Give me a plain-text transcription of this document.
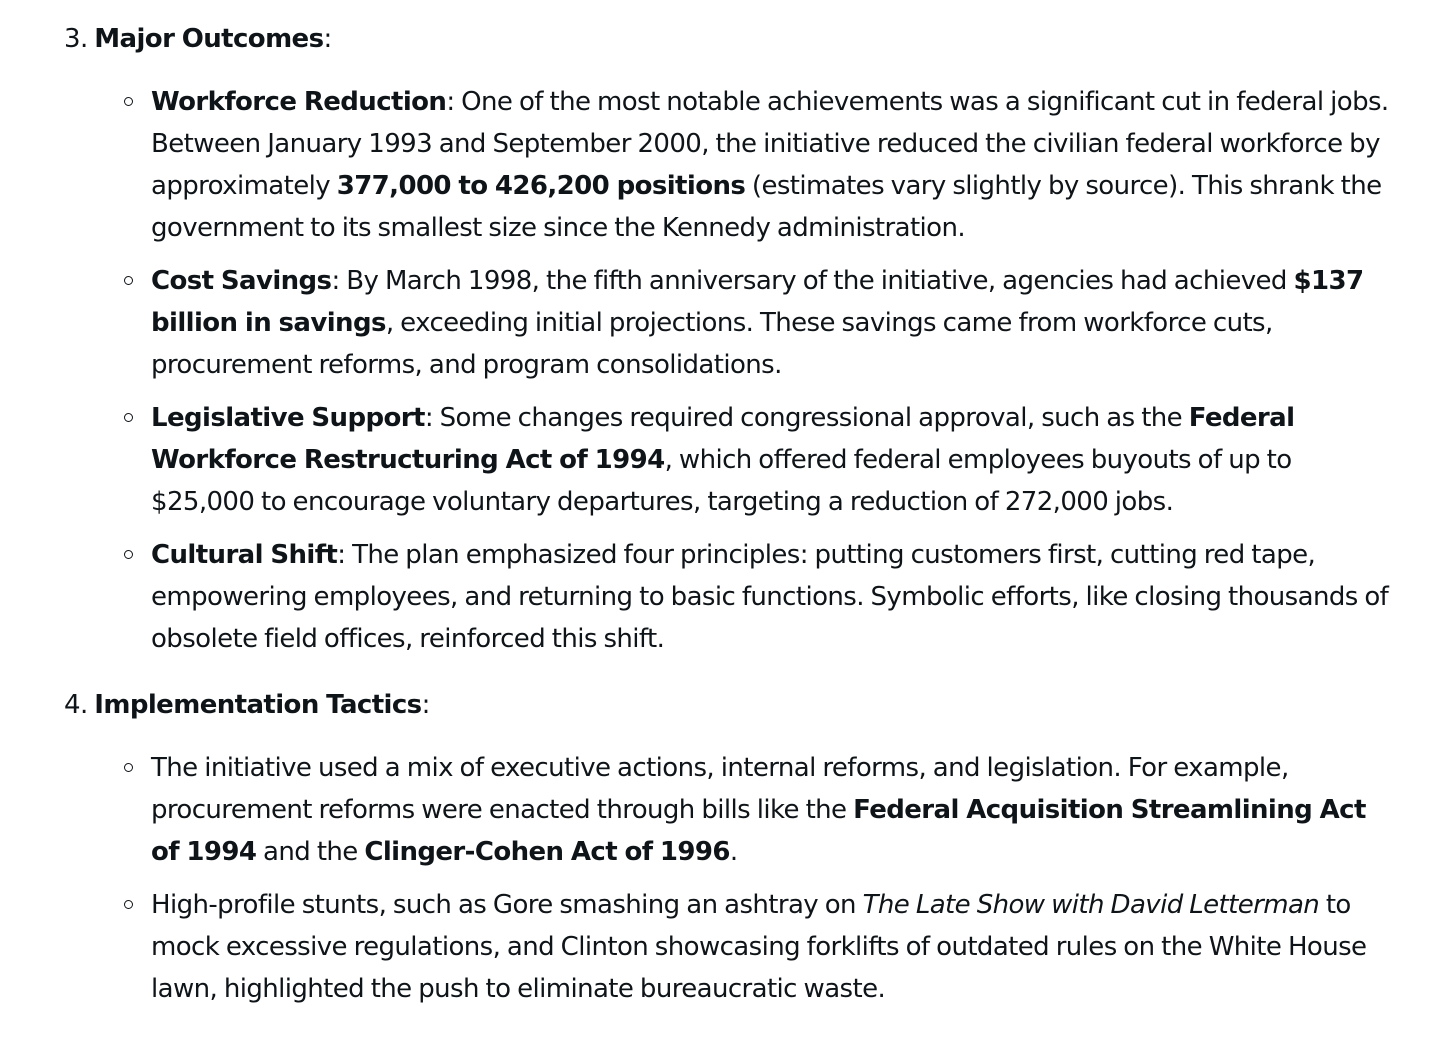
3. Major Outcomes:
Workforce Reduction: One of the most notable achievements was a significant cut in federal jobs. Between January 1993 and September 2000, the initiative reduced the civilian federal workforce by approximately 377,000 to 426,200 positions (estimates vary slightly by source). This shrank the government to its smallest size since the Kennedy administration.
Cost Savings: By March 1998, the fifth anniversary of the initiative, agencies had achieved $137 billion in savings, exceeding initial projections. These savings came from workforce cuts, procurement reforms, and program consolidations.
Legislative Support: Some changes required congressional approval, such as the Federal Workforce Restructuring Act of 1994, which offered federal employees buyouts of up to $25,000 to encourage voluntary departures, targeting a reduction of 272,000 jobs.
Cultural Shift: The plan emphasized four principles: putting customers first, cutting red tape, empowering employees, and returning to basic functions. Symbolic efforts, like closing thousands of obsolete field offices, reinforced this shift.
4. Implementation Tactics:
The initiative used a mix of executive actions, internal reforms, and legislation. For example, procurement reforms were enacted through bills like the Federal Acquisition Streamlining Act of 1994 and the Clinger-Cohen Act of 1996.
High-profile stunts, such as Gore smashing an ashtray on The Late Show with David Letterman to mock excessive regulations, and Clinton showcasing forklifts of outdated rules on the White House lawn, highlighted the push to eliminate bureaucratic waste.
